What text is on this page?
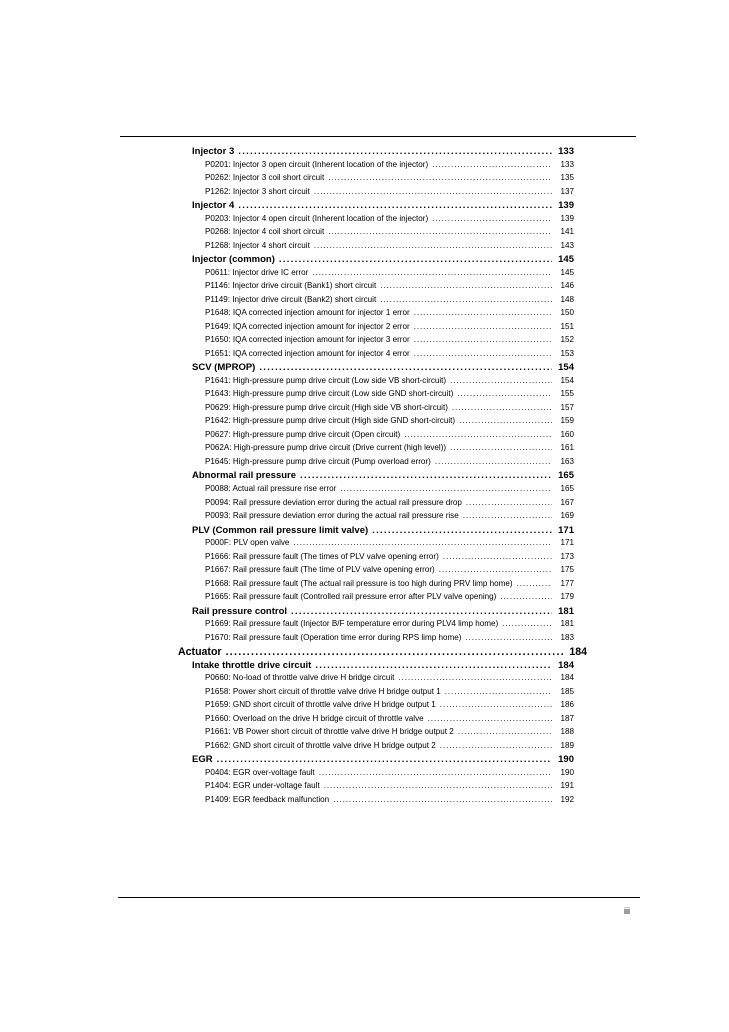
Injector 3 .....	133
P0201: Injector 3 open circuit (Inherent location of the injector) .....	133
P0262: Injector 3 coil short circuit .....	135
P1262: Injector 3 short circuit .....	137
Injector 4 .....	139
P0203: Injector 4 open circuit (Inherent location of the injector) .....	139
P0268: Injector 4 coil short circuit .....	141
P1268: Injector 4 short circuit .....	143
Injector (common) .....	145
P0611: Injector drive IC error .....	145
P1146: Injector drive circuit (Bank1) short circuit .....	146
P1149: Injector drive circuit (Bank2) short circuit .....	148
P1648: IQA corrected injection amount for injector 1 error .....	150
P1649: IQA corrected injection amount for injector 2 error .....	151
P1650: IQA corrected injection amount for injector 3 error .....	152
P1651: IQA corrected injection amount for injector 4 error .....	153
SCV (MPROP) .....	154
P1641: High-pressure pump drive circuit (Low side VB short-circuit) .....	154
P1643: High-pressure pump drive circuit (Low side GND short-circuit) .....	155
P0629: High-pressure pump drive circuit (High side VB short-circuit) .....	157
P1642: High-pressure pump drive circuit (High side GND short-circuit) .....	159
P0627: High-pressure pump drive circuit (Open circuit) .....	160
P062A: High-pressure pump drive circuit (Drive current (high level)) .....	161
P1645: High-pressure pump drive circuit (Pump overload error) .....	163
Abnormal rail pressure .....	165
P0088: Actual rail pressure rise error .....	165
P0094: Rail pressure deviation error during the actual rail pressure drop .....	167
P0093: Rail pressure deviation error during the actual rail pressure rise .....	169
PLV (Common rail pressure limit valve) .....	171
P000F: PLV open valve .....	171
P1666: Rail pressure fault (The times of PLV valve opening error) .....	173
P1667: Rail pressure fault (The time of PLV valve opening error) .....	175
P1668: Rail pressure fault (The actual rail pressure is too high during PRV limp home) .....	177
P1665: Rail pressure fault (Controlled rail pressure error after PLV valve opening) .....	179
Rail pressure control .....	181
P1669: Rail pressure fault (Injector B/F temperature error during PLV4 limp home) .....	181
P1670: Rail pressure fault (Operation time error during RPS limp home) .....	183
Actuator .....	184
Intake throttle drive circuit .....	184
P0660: No-load of throttle valve drive H bridge circuit .....	184
P1658: Power short circuit of throttle valve drive H bridge output 1 .....	185
P1659: GND short circuit of throttle valve drive H bridge output 1 .....	186
P1660: Overload on the drive H bridge circuit of throttle valve .....	187
P1661: VB Power short circuit of throttle valve drive H bridge output 2 .....	188
P1662: GND short circuit of throttle valve drive H bridge output 2 .....	189
EGR .....	190
P0404: EGR over-voltage fault .....	190
P1404: EGR under-voltage fault .....	191
P1409: EGR feedback malfunction .....	192
iii
